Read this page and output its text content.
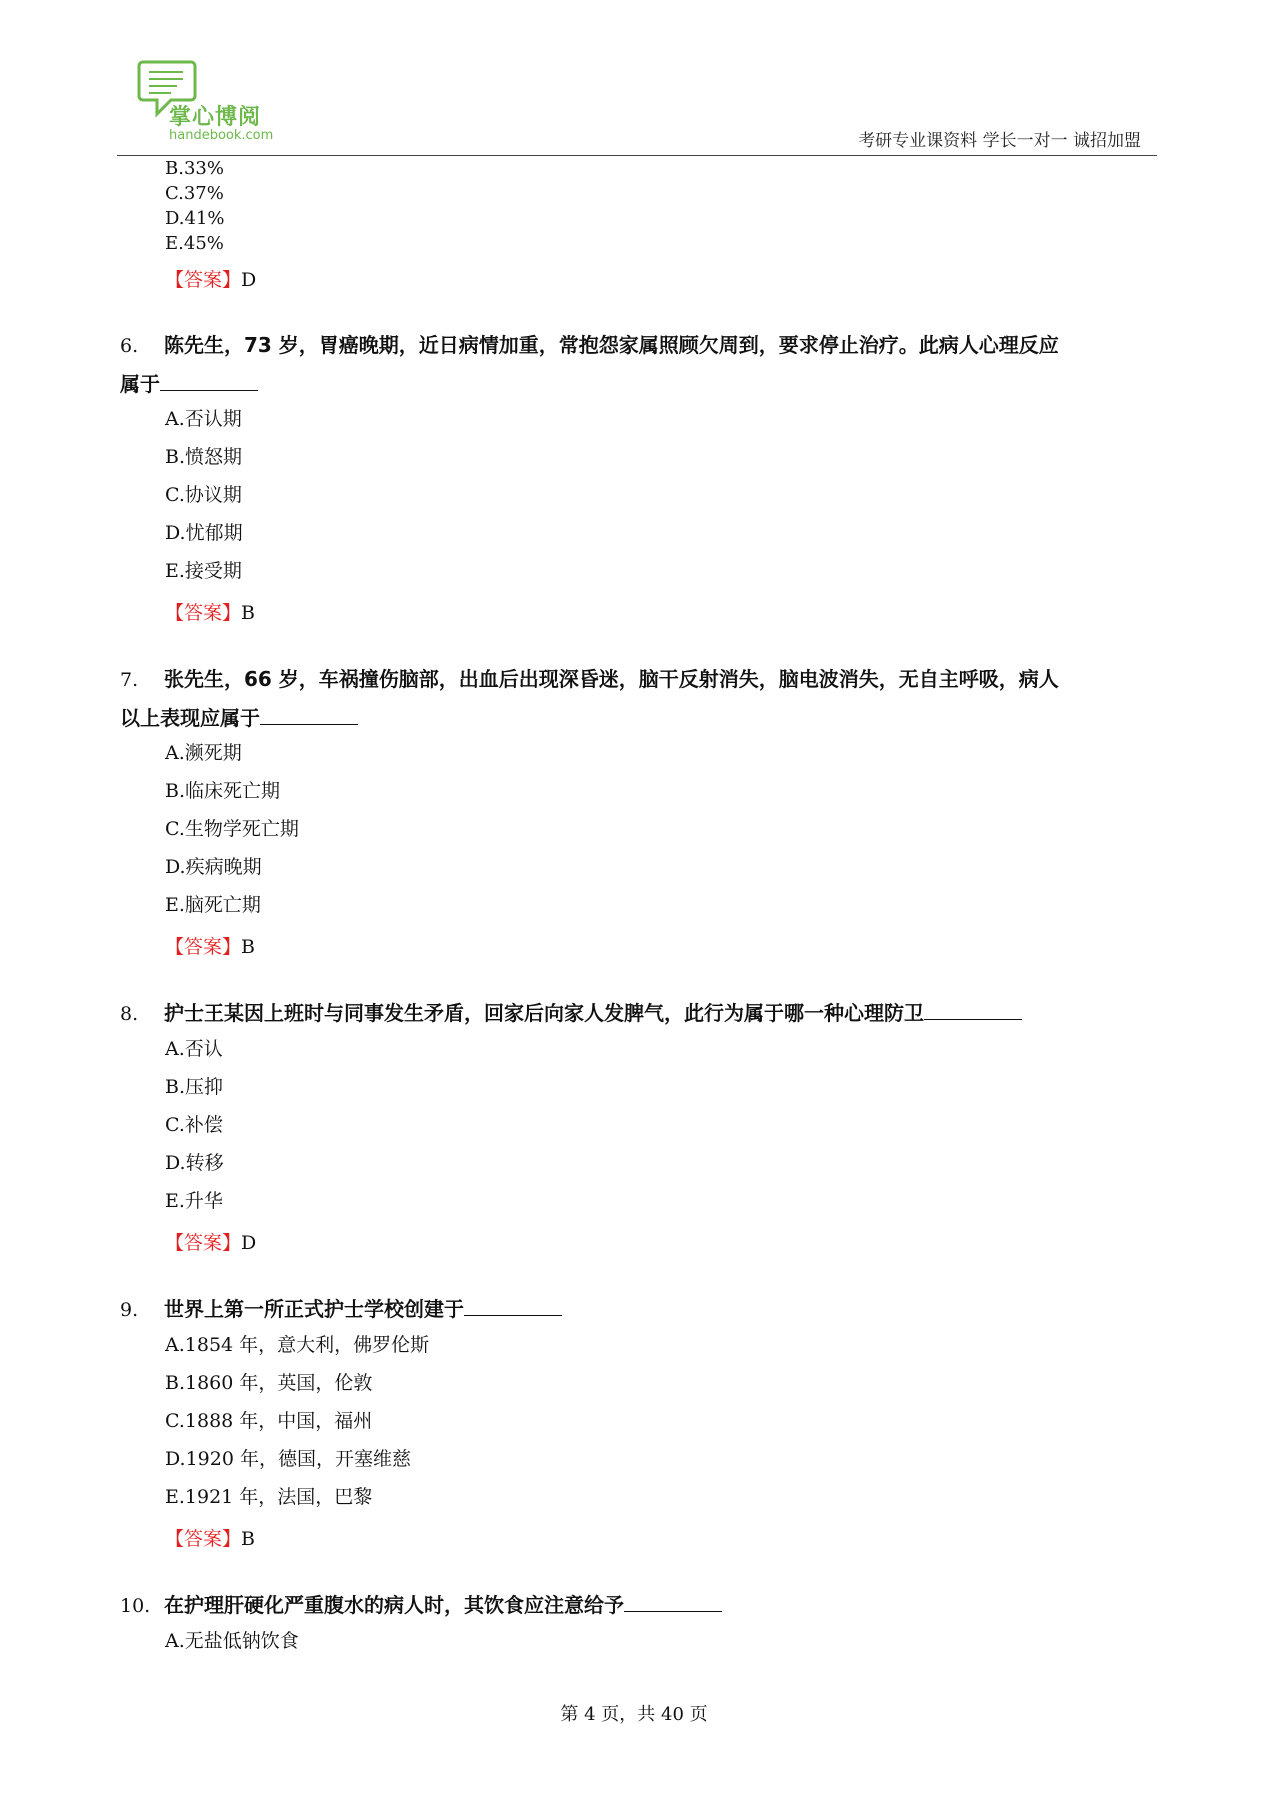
掌心博阅
handebook.com	考研专业课资料 学长一对一 诚招加盟
B.33%
C.37%
D.41%
E.45%
【答案】D
6. 陈先生，73 岁，胃癌晚期，近日病情加重，常抱怨家属照顾欠周到，要求停止治疗。此病人心理反应
属于
A.否认期
B.愤怒期
C.协议期
D.忧郁期
E.接受期
【答案】B
7. 张先生，66 岁，车祸撞伤脑部，出血后出现深昏迷，脑干反射消失，脑电波消失，无自主呼吸，病人
以上表现应属于
A.濒死期
B.临床死亡期
C.生物学死亡期
D.疾病晚期
E.脑死亡期
【答案】B
8. 护士王某因上班时与同事发生矛盾，回家后向家人发脾气，此行为属于哪一种心理防卫
A.否认
B.压抑
C.补偿
D.转移
E.升华
【答案】D
9. 世界上第一所正式护士学校创建于
A.1854 年，意大利，佛罗伦斯
B.1860 年，英国，伦敦
C.1888 年，中国，福州
D.1920 年，德国，开塞维慈
E.1921 年，法国，巴黎
【答案】B
10. 在护理肝硬化严重腹水的病人时，其饮食应注意给予
A.无盐低钠饮食
第 4 页，共 40 页
